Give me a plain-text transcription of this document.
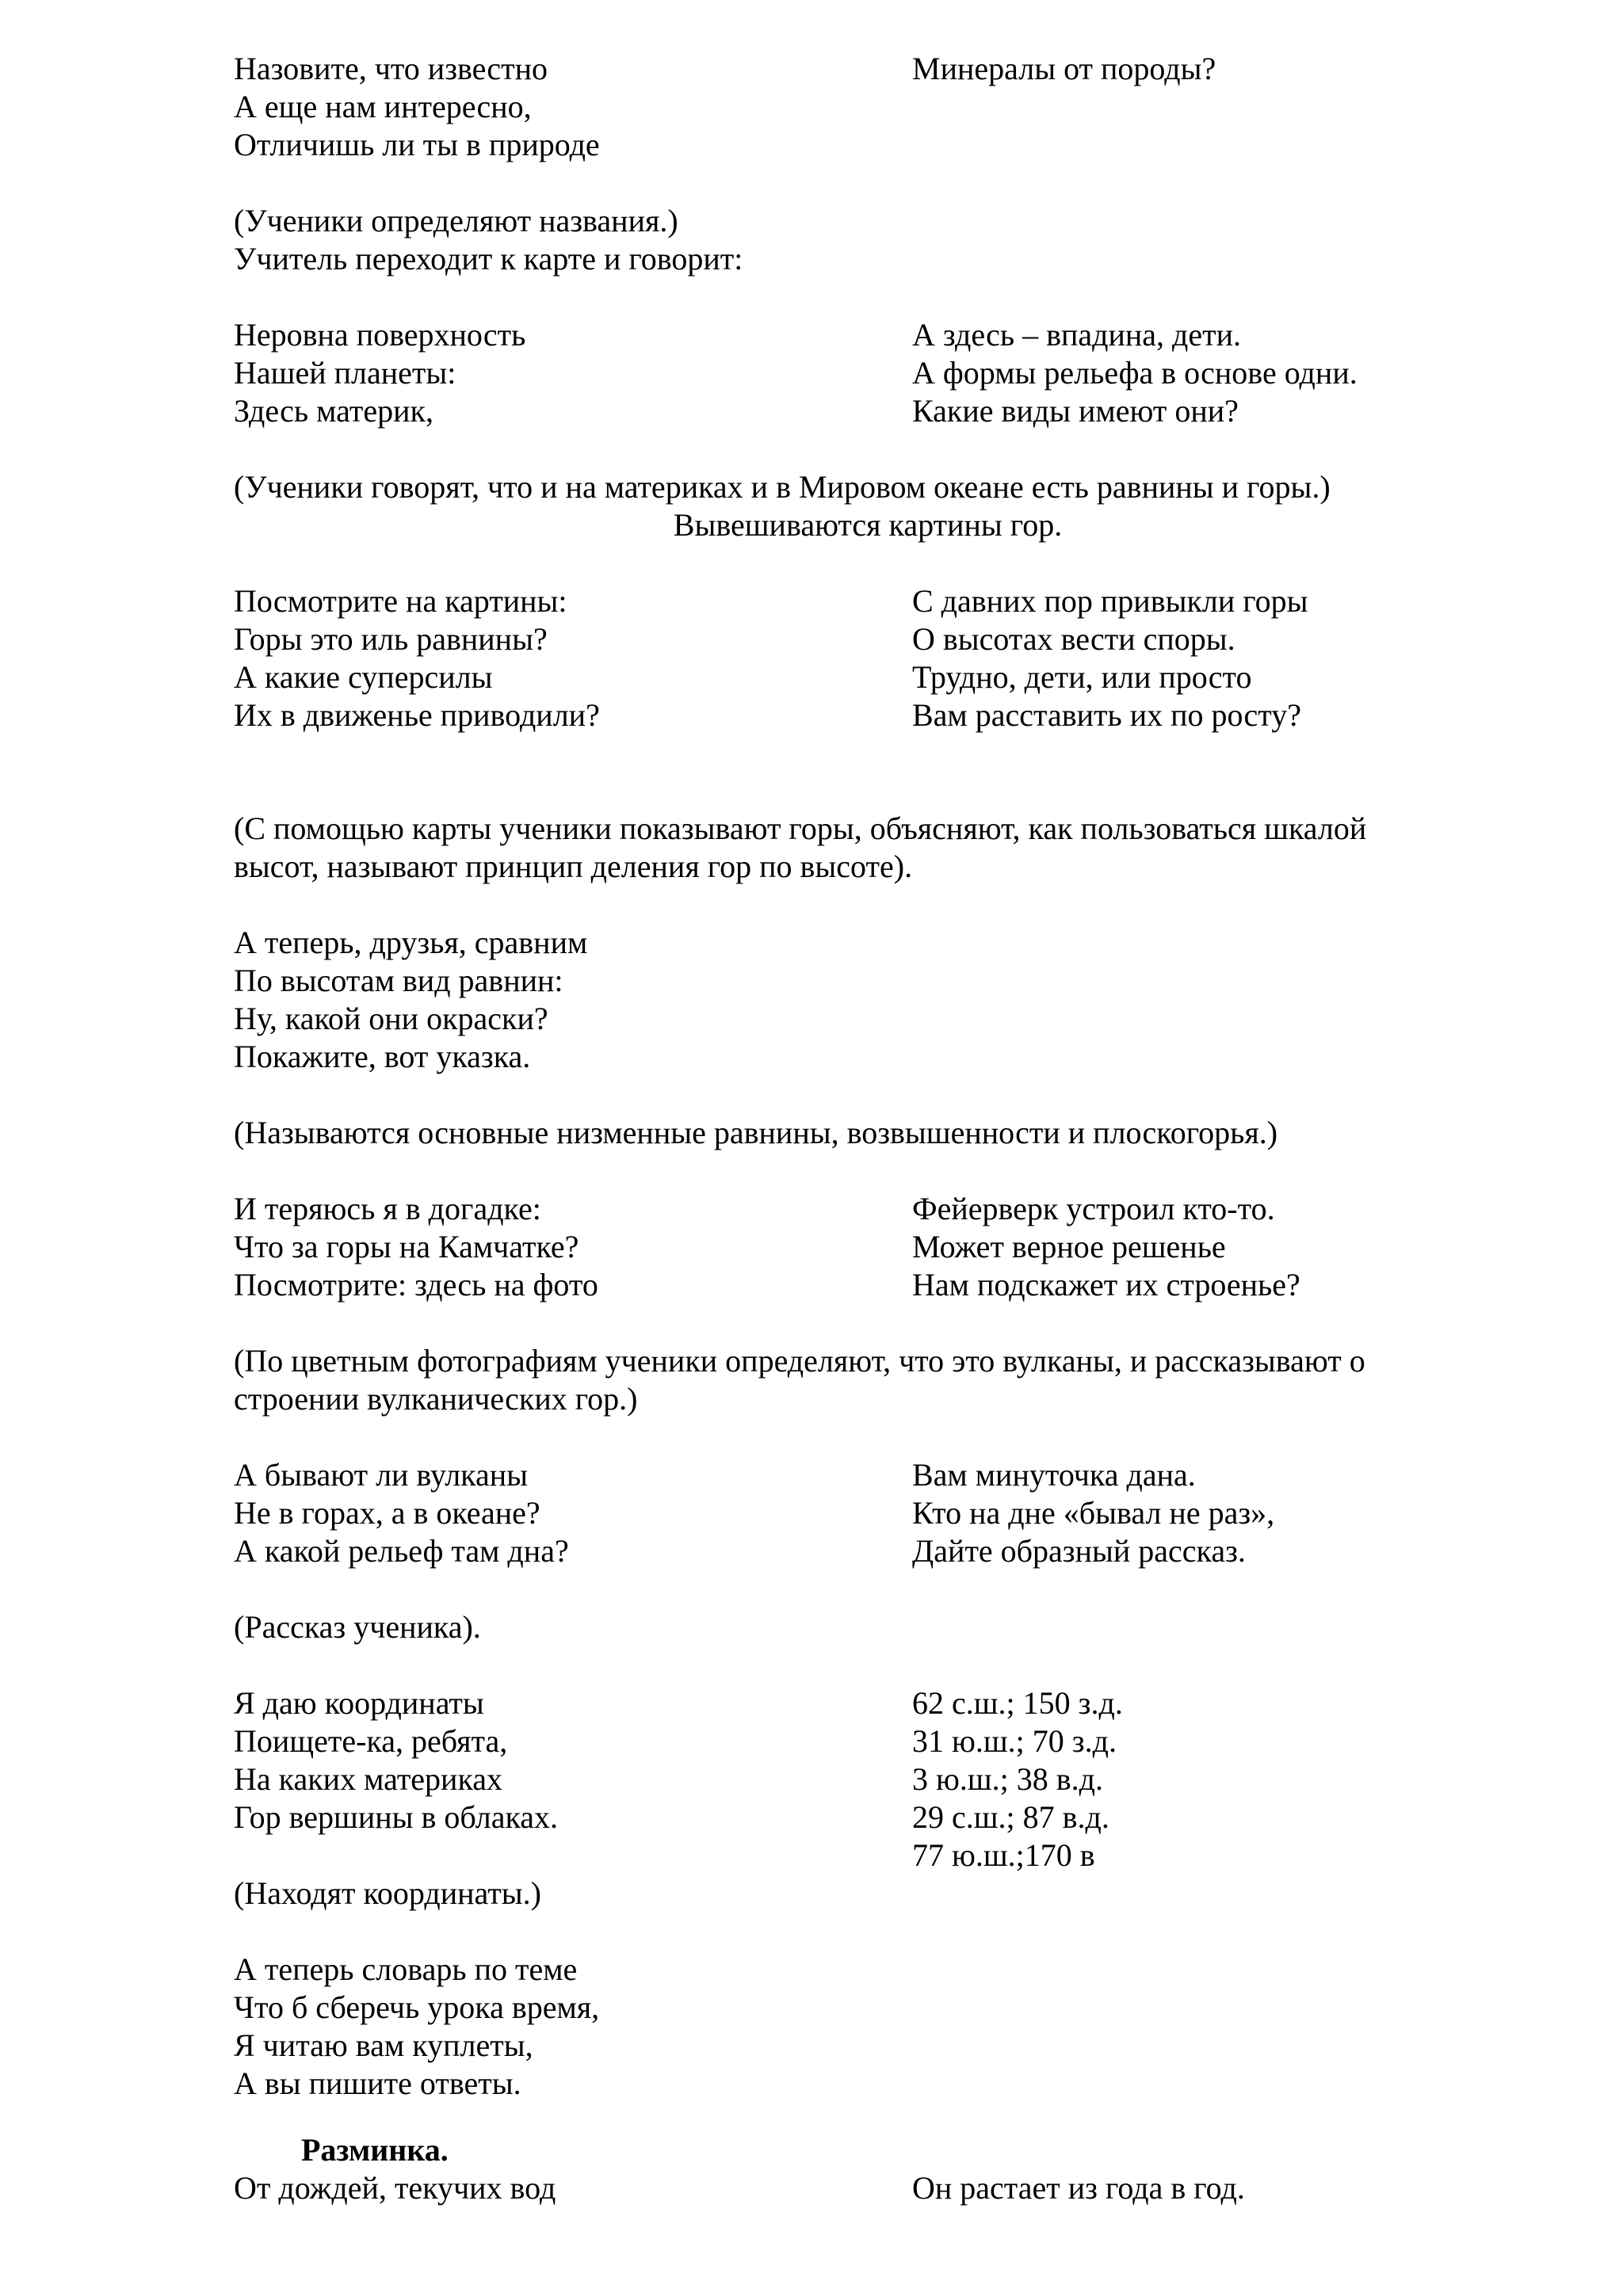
Назовите, что известно
А еще нам интересно,
Отличишь ли ты в природе
Минералы от породы?
(Ученики определяют названия.)
Учитель переходит к карте и говорит:
Неровна поверхность
Нашей планеты:
Здесь материк,
А здесь – впадина, дети.
А формы рельефа в основе одни.
Какие виды имеют они?
(Ученики говорят, что и на материках и в Мировом океане есть равнины и горы.)
Вывешиваются картины гор.
Посмотрите на картины:
Горы это иль равнины?
А какие суперсилы
Их в движенье приводили?
С давних пор привыкли горы
О высотах вести споры.
Трудно, дети, или просто
Вам расставить их по росту?
(С помощью карты ученики показывают горы, объясняют, как пользоваться шкалой
высот, называют принцип деления гор по высоте).
А теперь, друзья, сравним
По высотам вид равнин:
Ну, какой они окраски?
Покажите, вот указка.
(Называются основные низменные равнины, возвышенности и плоскогорья.)
И теряюсь я в догадке:
Что за горы на Камчатке?
Посмотрите: здесь на фото
Фейерверк устроил кто-то.
Может верное решенье
Нам подскажет их строенье?
(По цветным фотографиям ученики определяют, что это вулканы, и рассказывают о
строении вулканических гор.)
А бывают ли вулканы
Не в горах, а в океане?
А какой рельеф там дна?
Вам минуточка дана.
Кто на дне «бывал не раз»,
Дайте образный рассказ.
(Рассказ ученика).
Я даю координаты
Поищете-ка, ребята,
На каких материках
Гор вершины в облаках.
62 с.ш.; 150 з.д.
31 ю.ш.; 70 з.д.
3 ю.ш.; 38 в.д.
29 с.ш.; 87 в.д.
77 ю.ш.;170 в
(Находят координаты.)
А теперь словарь по теме
Что б сберечь урока время,
Я читаю вам куплеты,
А вы пишите ответы.
Разминка.
От дождей, текучих вод	Он растает из года в год.
